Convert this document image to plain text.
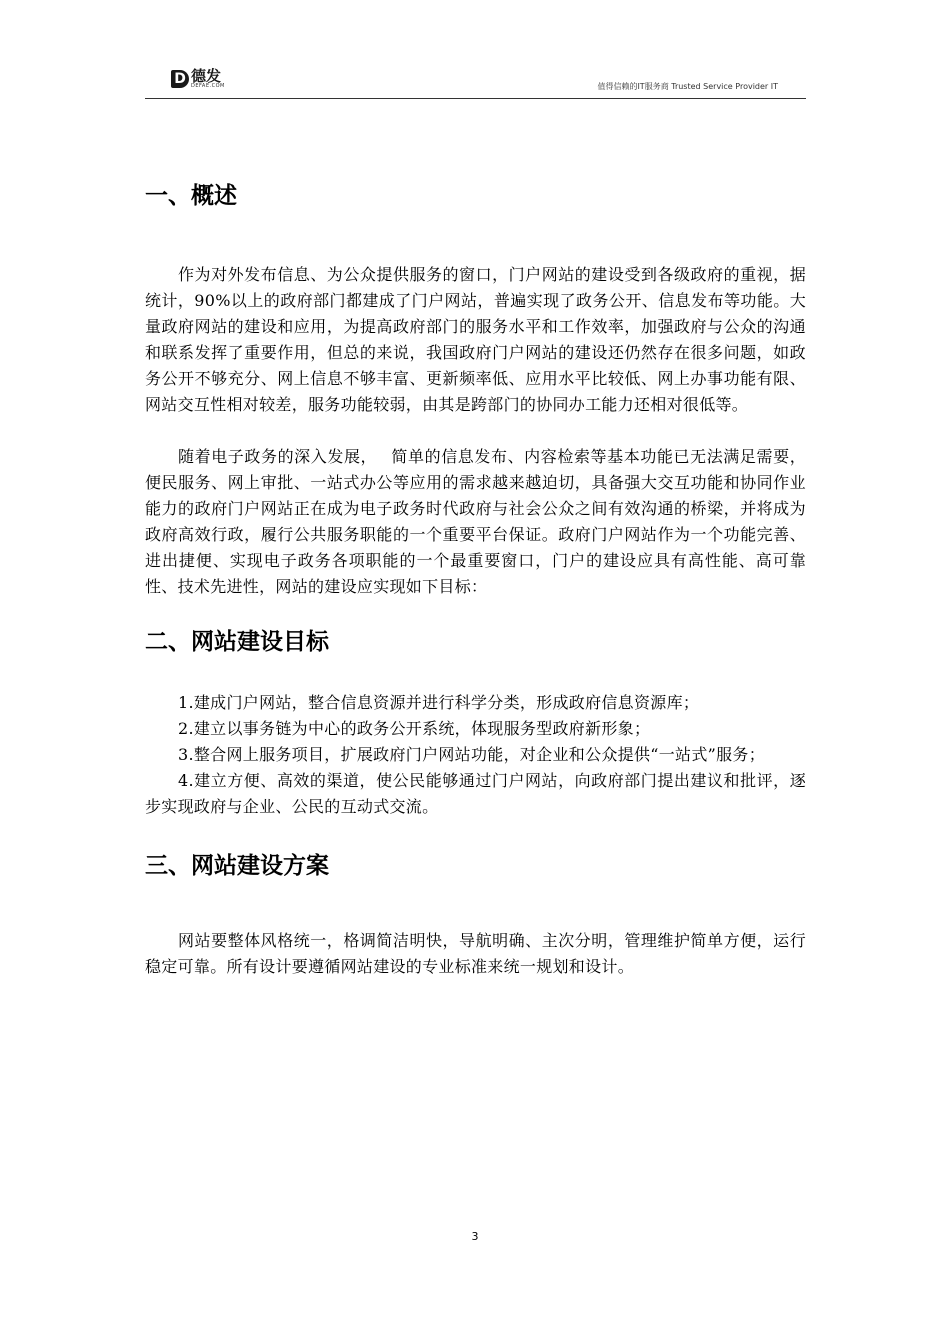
D 德发
DEFAE.COM	值得信赖的IT服务商 Trusted Service Provider IT
一、概述

作为对外发布信息、为公众提供服务的窗口，门户网站的建设受到各级政府的重视，据统计，90%以上的政府部门都建成了门户网站，普遍实现了政务公开、信息发布等功能。大量政府网站的建设和应用，为提高政府部门的服务水平和工作效率，加强政府与公众的沟通和联系发挥了重要作用，但总的来说，我国政府门户网站的建设还仍然存在很多问题，如政务公开不够充分、网上信息不够丰富、更新频率低、应用水平比较低、网上办事功能有限、网站交互性相对较差，服务功能较弱，由其是跨部门的协同办工能力还相对很低等。

随着电子政务的深入发展，　 简单的信息发布、内容检索等基本功能已无法满足需要，便民服务、网上审批、一站式办公等应用的需求越来越迫切，具备强大交互功能和协同作业能力的政府门户网站正在成为电子政务时代政府与社会公众之间有效沟通的桥梁，并将成为政府高效行政，履行公共服务职能的一个重要平台保证。政府门户网站作为一个功能完善、进出捷便、实现电子政务各项职能的一个最重要窗口，门户的建设应具有高性能、高可靠性、技术先进性，网站的建设应实现如下目标：

二、网站建设目标

1.建成门户网站，整合信息资源并进行科学分类，形成政府信息资源库；

2.建立以事务链为中心的政务公开系统，体现服务型政府新形象；

3.整合网上服务项目，扩展政府门户网站功能，对企业和公众提供“一站式”服务；

4.建立方便、高效的渠道，使公民能够通过门户网站，向政府部门提出建议和批评，逐步实现政府与企业、公民的互动式交流。

三、网站建设方案

网站要整体风格统一，格调简洁明快，导航明确、主次分明，管理维护简单方便，运行稳定可靠。所有设计要遵循网站建设的专业标准来统一规划和设计。

3
